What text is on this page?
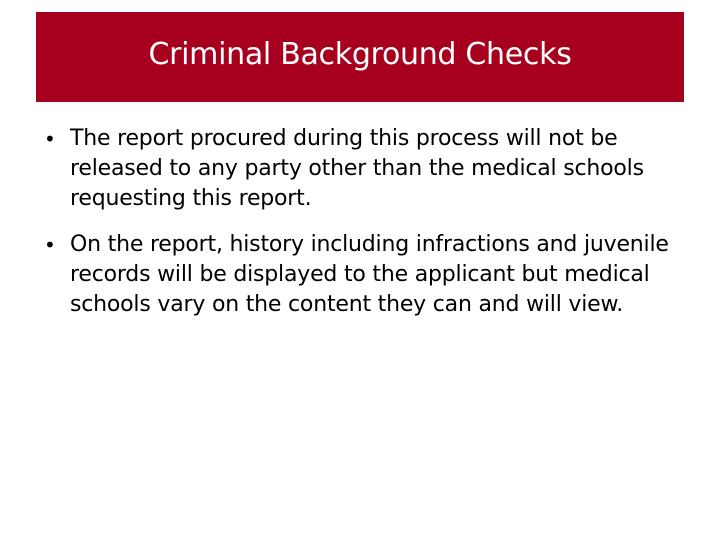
Criminal Background Checks
• The report procured during this process will not be released to any party other than the medical schools requesting this report.
• On the report, history including infractions and juvenile records will be displayed to the applicant but medical schools vary on the content they can and will view.
